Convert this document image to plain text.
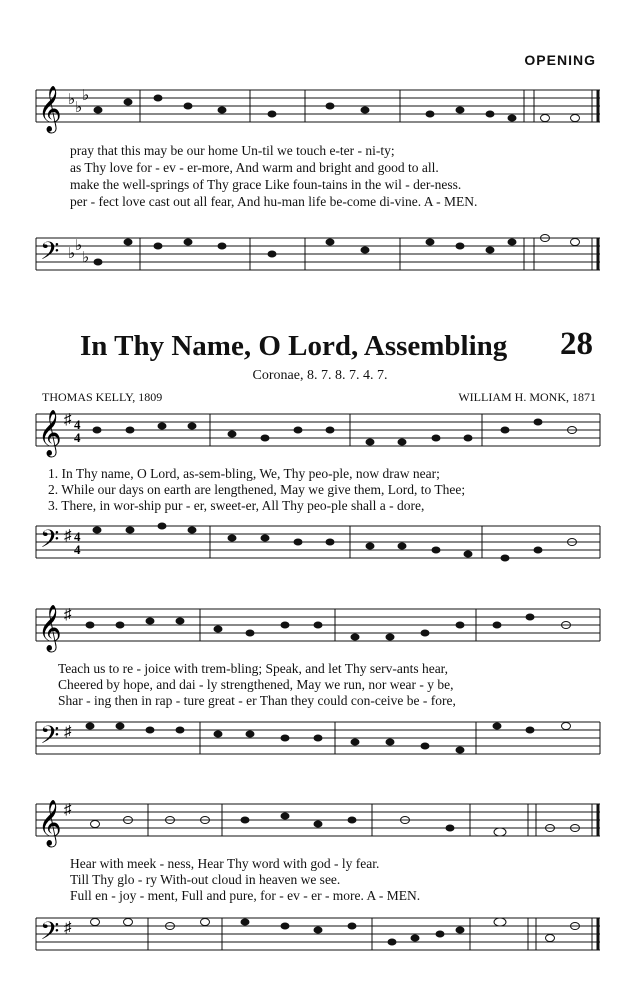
OPENING
𝄞 ♭ ♭
♭
pray that this may be our home Un-til we touch e-ter - ni-ty;
as Thy love for - ev - er-more, And warm and bright and good to all.
make the well-springs of Thy grace Like foun-tains in the wil - der-ness.
per - fect love cast out all fear, And hu-man life be-come di-vine. A - MEN.
𝄢 ♭ ♭
♭
In Thy Name, O Lord, Assembling 28
Coronae, 8. 7. 8. 7. 4. 7.
THOMAS KELLY, 1809	WILLIAM H. MONK, 1871
𝄞 ♯ 4
4
1. In Thy name, O Lord, as-sem-bling, We, Thy peo-ple, now draw near;
2. While our days on earth are lengthened, May we give them, Lord, to Thee;
3. There, in wor-ship pur - er, sweet-er, All Thy peo-ple shall a - dore,
𝄢 ♯ 4
4
𝄞 ♯
Teach us to re - joice with trem-bling; Speak, and let Thy serv-ants hear,
Cheered by hope, and dai - ly strengthened, May we run, nor wear - y be,
Shar - ing then in rap - ture great - er Than they could con-ceive be - fore,
𝄢 ♯
𝄞 ♯
Hear with meek - ness, Hear Thy word with god - ly fear.
Till Thy glo - ry With-out cloud in heaven we see.
Full en - joy - ment, Full and pure, for - ev - er - more. A - MEN.
𝄢 ♯
